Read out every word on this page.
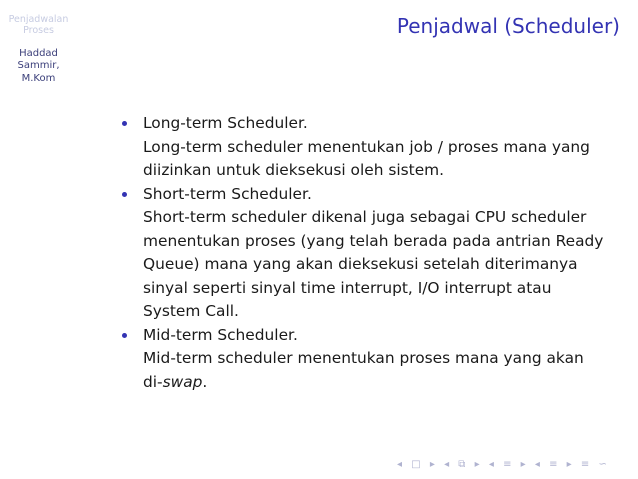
Penjadwalan
Proses
Haddad
Sammir,
M.Kom
Penjadwal (Scheduler)
Long-term Scheduler.
Long-term scheduler menentukan job / proses mana yang
diizinkan untuk dieksekusi oleh sistem.
Short-term Scheduler.
Short-term scheduler dikenal juga sebagai CPU scheduler
menentukan proses (yang telah berada pada antrian Ready
Queue) mana yang akan dieksekusi setelah diterimanya
sinyal seperti sinyal time interrupt, I/O interrupt atau
System Call.
Mid-term Scheduler.
Mid-term scheduler menentukan proses mana yang akan
di-swap.
◂ □ ▸ ◂ ⧉ ▸ ◂ ≡ ▸ ◂ ≡ ▸ ≡ ∽
